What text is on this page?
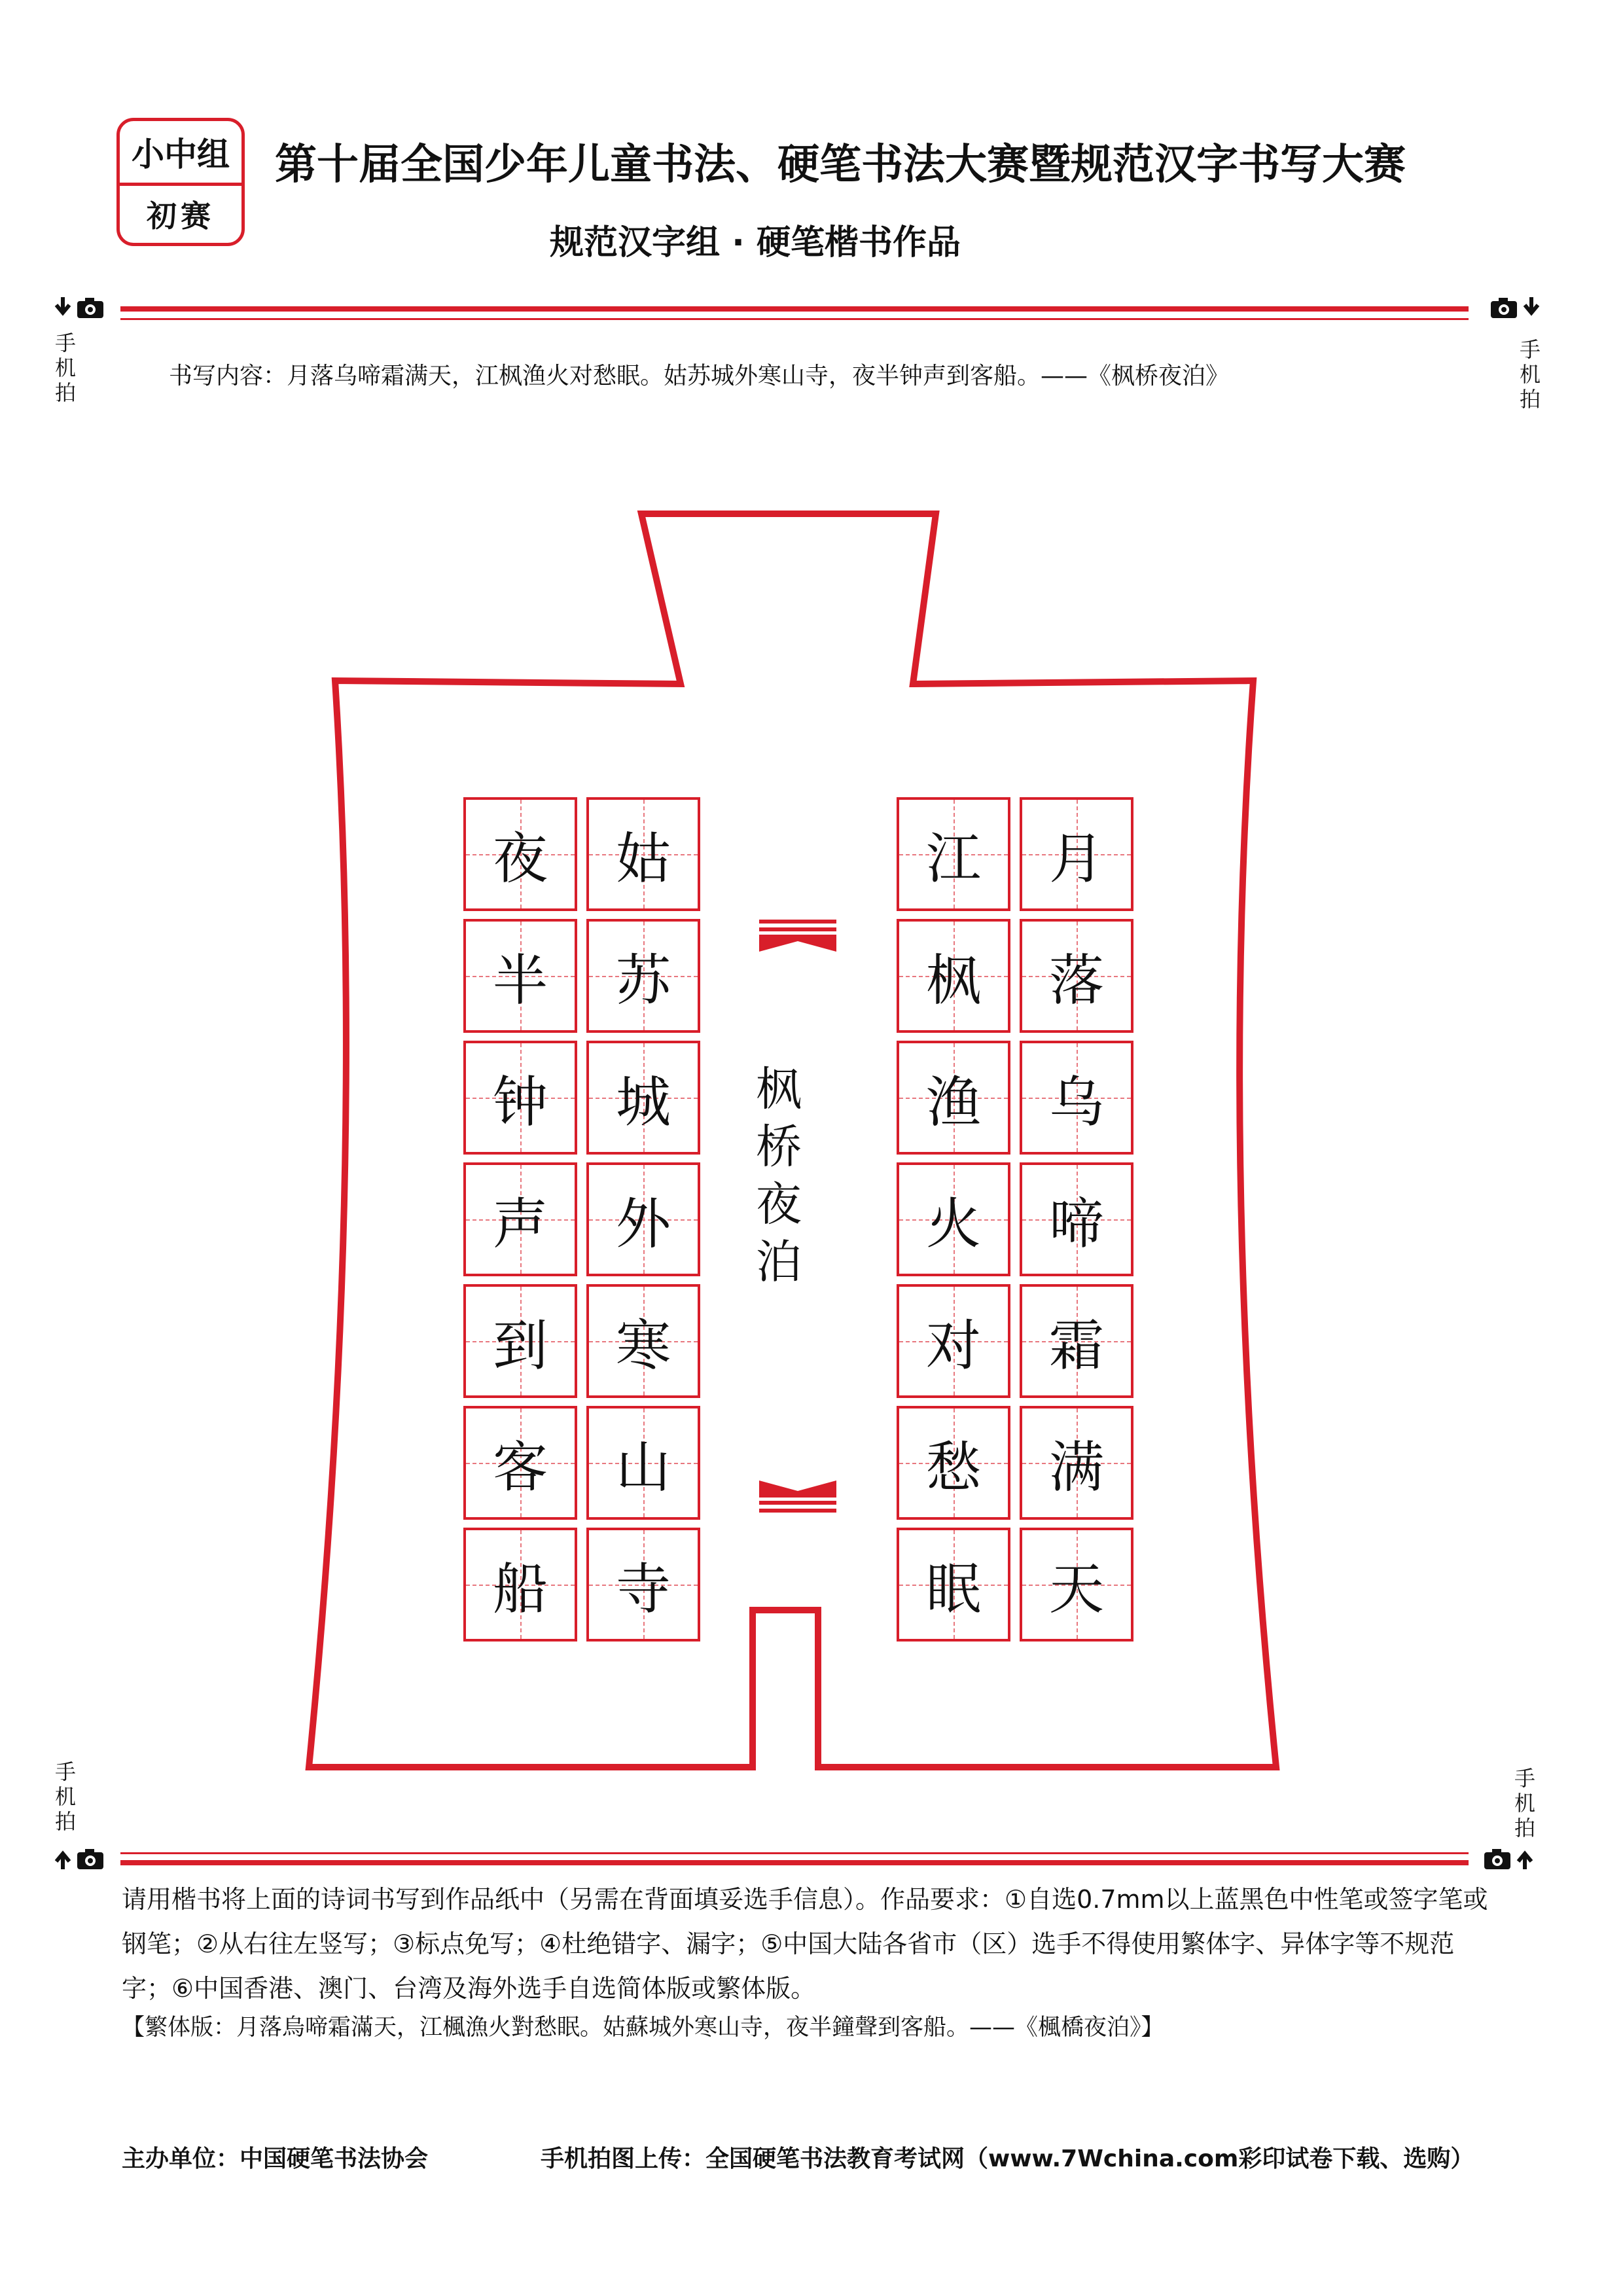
小中组
初赛
第十届全国少年儿童书法、硬笔书法大赛暨规范汉字书写大赛
规范汉字组 · 硬笔楷书作品
手
机
拍
手
机
拍
书写内容：月落乌啼霜满天，江枫渔火对愁眠。姑苏城外寒山寺，夜半钟声到客船。——《枫桥夜泊》
月
落
乌
啼
霜
满
天
江
枫
渔
火
对
愁
眠
姑
苏
城
外
寒
山
寺
夜
半
钟
声
到
客
船
枫
桥
夜
泊
手
机
拍
手
机
拍
请用楷书将上面的诗词书写到作品纸中（另需在背面填妥选手信息）。作品要求：①自选0.7mm以上蓝黑色中性笔或签字笔或钢笔；②从右往左竖写；③标点免写；④杜绝错字、漏字；⑤中国大陆各省市（区）选手不得使用繁体字、异体字等不规范字；⑥中国香港、澳门、台湾及海外选手自选简体版或繁体版。
【繁体版：月落烏啼霜滿天，江楓漁火對愁眠。姑蘇城外寒山寺，夜半鐘聲到客船。——《楓橋夜泊》】
主办单位：中国硬笔书法协会	手机拍图上传：全国硬笔书法教育考试网（www.7Wchina.com彩印试卷下载、选购）
